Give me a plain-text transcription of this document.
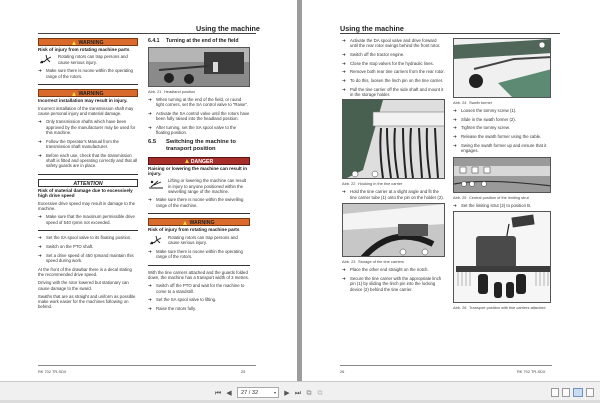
Using the machine
WARNING
Risk of injury from rotating machine parts
Rotating rotors can trap persons and cause serious injury.
➔ Make sure there is noone within the operating range of the rotors.
WARNING
Incorrect installation may result in injury.
Incorrect installation of the transmission shaft may cause personal injury and material damage.
➔ Only transmission shafts which have been approved by the manufacturer may be used for this machine.
➔ Follow the Operator's Manual from the transmission shaft manufacturer.
➔ Before each use, check that the transmission shaft is fitted and operating correctly and that all safety guards are in place.
ATTENTION
Risk of material damage due to excessively high drive speed
Excessive drive speed may result in damage to the machine.
➔ Make sure that the maximum permissible drive speed of 540 rpmis not exceeded.
➔ Set the SA spool valve to its floating position.
➔ Switch on the PTO shaft.
➔ Set a drive speed of 450 rpmand maintain this speed during work.
At the front of the drawbar there is a decal stating the recommended drive speed.
Driving with the rotor lowered but stationary can cause damage to the sward.
Swaths that are as straight and uniform as possible make work easier for the machines following on behind.
6.4.1	Turning at the end of the field
Abb. 21 Headland position
➔ When turning at the end of the field, or round tight corners, set the SA control valve to "Raise".
➔ Activate the SA control valve until the rotors have been fully raised into the headland position.
➔ After turning, set the SA spool valve to the floating position.
6.5	Switching the machine to transport position
DANGER
Raising or lowering the machine can result in injury.
Lifting or lowering the machine can result in injury to anyone positioned within the swivelling range of the machine.
➔ Make sure there is noone within the swivelling range of the machine.
WARNING
Risk of injury from rotating machine parts
Rotating rotors can trap persons and cause serious injury.
➔ Make sure there is noone within the operating range of the rotors.
With the tine carriers attached and the guards folded down, the machine has a transport width of 3 metres.
➔ Switch off the PTO and wait for the machine to come to a standstill.
➔ Set the SA spool valve to lifting.
➔ Raise the rotors fully.
RK 702 TR-SDX	25
Using the machine
➔ Activate the DA spool valve and drive forward until the rear rotor swings behind the front rotor.
➔ Switch off the tractor engine.
➔ Close the stop valves for the hydraulic lines.
➔ Remove both rear tine carriers from the rear rotor.
➔ To do this, loosen the linch pin on the tine carrier.
➔ Pull the tine carrier off the side shaft and mount it in the storage holder.
Abb. 22 Hooking in the tine carrier
➔ Hold the tine carrier at a slight angle and fit the tine carrier tube (1) onto the pin on the holder (2).
Abb. 23 Storage of the tine carriers
➔ Place the other end straight on the notch.
➔ Secure the tine carrier with the appropriate linch pin (1) by sliding the linch pin into the locking device (2) behind the tine carrier.
Abb. 24 Swath former
➔ Loosen the tommy screw (1).
➔ Slide in the swath former (2).
➔ Tighten the tommy screw.
➔ Release the swath former using the cable.
➔ Swing the swath former up and ensure that it engages.
Abb. 25 Central position of the limiting strut
➔ Set the limiting strut (2) to position B.
Abb. 26 Transport position with tine carriers attached
26	RK 702 TR-SDX
⏮ ◀	27 / 32	▾ ▶ ⏭ ⧉ ⧉
